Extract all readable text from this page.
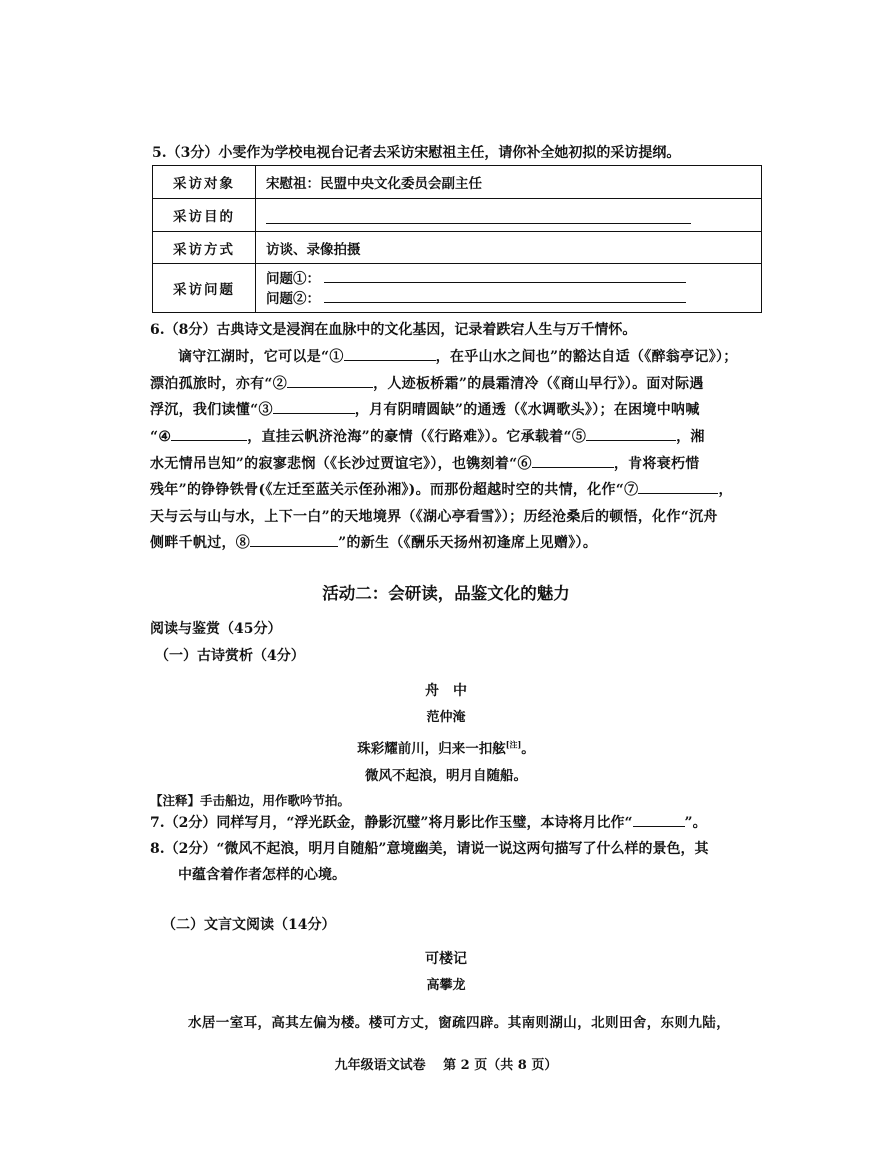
5.（3分）小雯作为学校电视台记者去采访宋慰祖主任，请你补全她初拟的采访提纲。
采访对象	宋慰祖：民盟中央文化委员会副主任
采访目的	

采访方式	访谈、录像拍摄
采访问题	问题①：
问题②：
6.（8分）古典诗文是浸润在血脉中的文化基因，记录着跌宕人生与万千情怀。
谪守江湖时，它可以是“①	，在乎山水之间也”的豁达自适（《醉翁亭记》）；
漂泊孤旅时，亦有“②	，人迹板桥霜”的晨霜清冷（《商山早行》）。面对际遇
浮沉，我们读懂“③	，月有阴晴圆缺”的通透（《水调歌头》）；在困境中呐喊
“④	，直挂云帆济沧海”的豪情（《行路难》）。它承载着“⑤	，湘
水无情吊岂知”的寂寥悲悯（《长沙过贾谊宅》），也镌刻着“⑥	，肯将衰朽惜
残年”的铮铮铁骨(《左迁至蓝关示侄孙湘》)。而那份超越时空的共情，化作“⑦	，
天与云与山与水，上下一白”的天地境界（《湖心亭看雪》）；历经沧桑后的顿悟，化作“沉舟
侧畔千帆过，⑧	”的新生（《酬乐天扬州初逢席上见赠》）。
活动二：会研读，品鉴文化的魅力
阅读与鉴赏（45分）
（一）古诗赏析（4分）
舟　中
范仲淹
珠彩耀前川，归来一扣舷[注]。
微风不起浪，明月自随船。
【注释】手击船边，用作歌吟节拍。
7.（2分）同样写月，“浮光跃金，静影沉璧”将月影比作玉璧，本诗将月比作“	”。
8.（2分）“微风不起浪，明月自随船”意境幽美，请说一说这两句描写了什么样的景色，其
中蕴含着作者怎样的心境。
（二）文言文阅读（14分）
可楼记
高攀龙
水居一室耳，高其左偏为楼。楼可方丈，窗疏四辟。其南则湖山，北则田舍，东则九陆，
九年级语文试卷　 第 2 页（共 8 页）
